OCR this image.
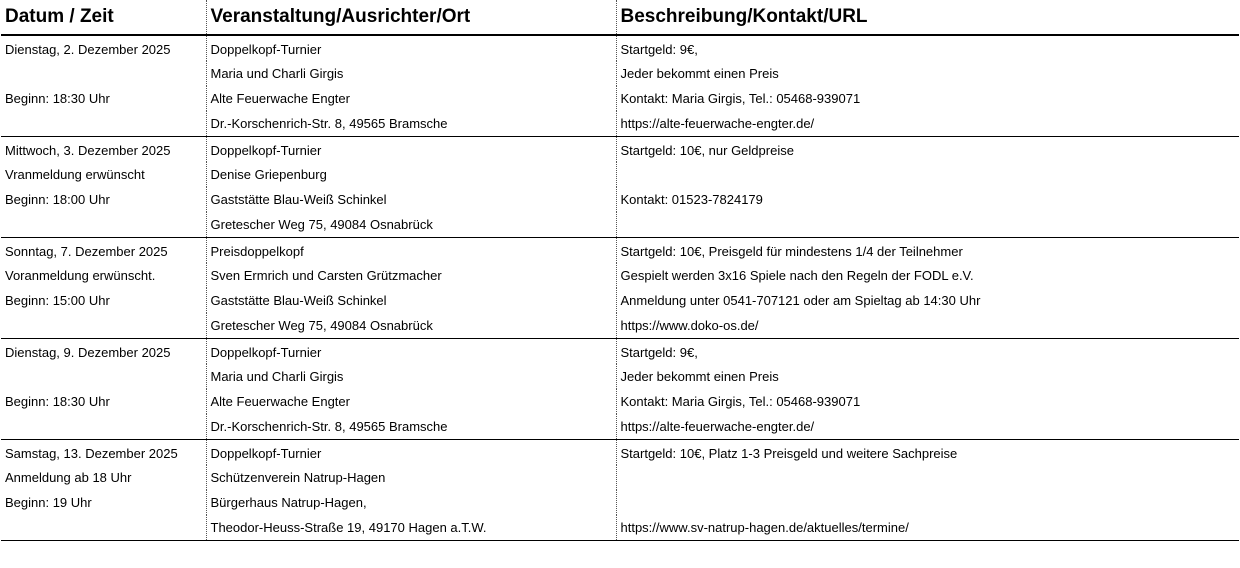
Datum / Zeit	Veranstaltung/Ausrichter/Ort	Beschreibung/Kontakt/URL
Dienstag, 2. Dezember 2025	Doppelkopf-Turnier	Startgeld: 9€,
	Maria und Charli Girgis	Jeder bekommt einen Preis
Beginn: 18:30 Uhr	Alte Feuerwache Engter	Kontakt: Maria Girgis, Tel.: 05468-939071
	Dr.-Korschenrich-Str. 8, 49565 Bramsche	https://alte-feuerwache-engter.de/
Mittwoch, 3. Dezember 2025	Doppelkopf-Turnier	Startgeld: 10€, nur Geldpreise
Vranmeldung erwünscht	Denise Griepenburg	
Beginn: 18:00 Uhr	Gaststätte Blau-Weiß Schinkel	Kontakt: 01523-7824179
	Gretescher Weg 75, 49084 Osnabrück	
Sonntag, 7. Dezember 2025	Preisdoppelkopf	Startgeld: 10€, Preisgeld für mindestens 1/4 der Teilnehmer
Voranmeldung erwünscht.	Sven Ermrich und Carsten Grützmacher	Gespielt werden 3x16 Spiele nach den Regeln der FODL e.V.
Beginn: 15:00 Uhr	Gaststätte Blau-Weiß Schinkel	Anmeldung unter 0541-707121 oder am Spieltag ab 14:30 Uhr
	Gretescher Weg 75, 49084 Osnabrück	https://www.doko-os.de/
Dienstag, 9. Dezember 2025	Doppelkopf-Turnier	Startgeld: 9€,
	Maria und Charli Girgis	Jeder bekommt einen Preis
Beginn: 18:30 Uhr	Alte Feuerwache Engter	Kontakt: Maria Girgis, Tel.: 05468-939071
	Dr.-Korschenrich-Str. 8, 49565 Bramsche	https://alte-feuerwache-engter.de/
Samstag, 13. Dezember 2025	Doppelkopf-Turnier	Startgeld: 10€, Platz 1-3 Preisgeld und weitere Sachpreise
Anmeldung ab 18 Uhr	Schützenverein Natrup-Hagen	
Beginn: 19 Uhr	Bürgerhaus Natrup-Hagen,	
	Theodor-Heuss-Straße 19, 49170 Hagen a.T.W.	https://www.sv-natrup-hagen.de/aktuelles/termine/
